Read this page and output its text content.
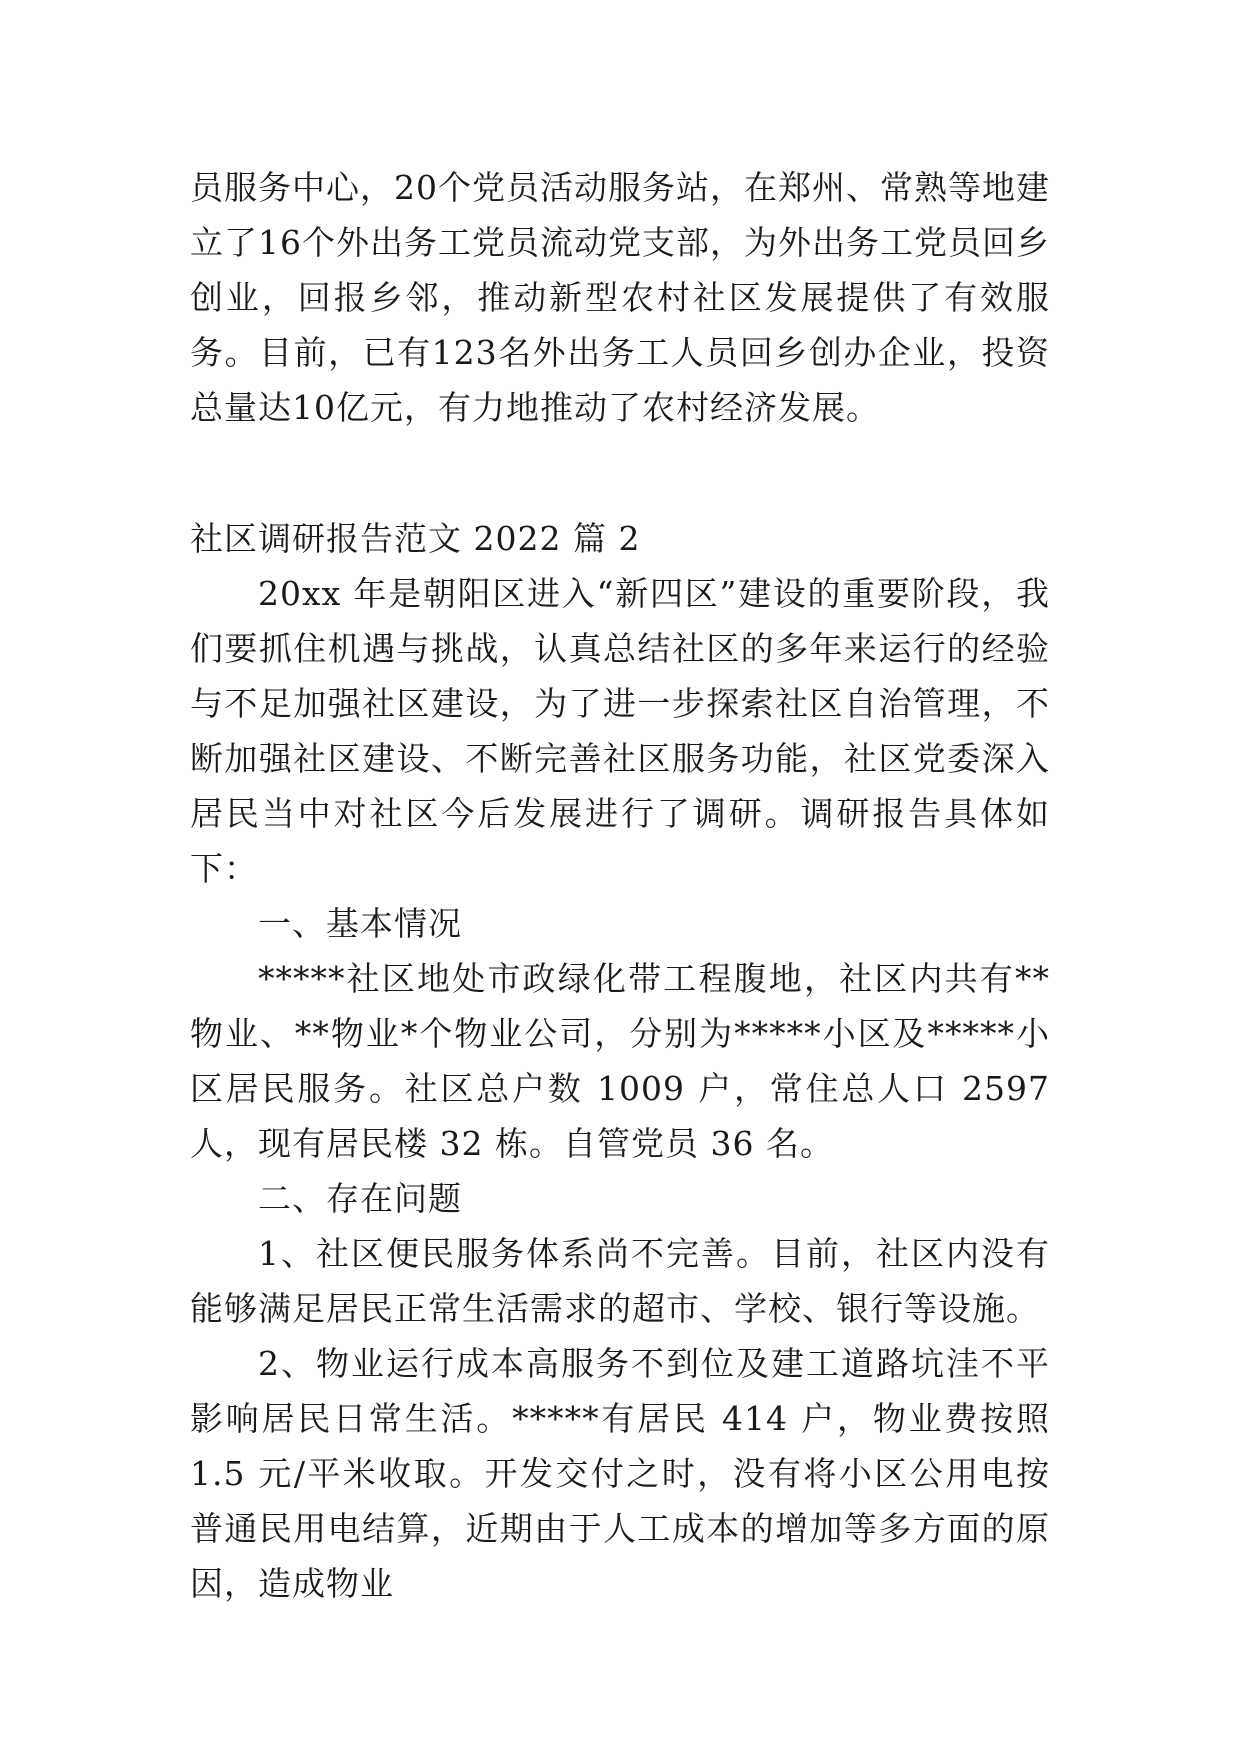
员服务中心，20个党员活动服务站，在郑州、常熟等地建立了16个外出务工党员流动党支部，为外出务工党员回乡创业，回报乡邻，推动新型农村社区发展提供了有效服务。目前，已有123名外出务工人员回乡创办企业，投资总量达10亿元，有力地推动了农村经济发展。

社区调研报告范文 2022 篇 2

20xx 年是朝阳区进入“新四区”建设的重要阶段，我们要抓住机遇与挑战，认真总结社区的多年来运行的经验与不足加强社区建设，为了进一步探索社区自治管理，不断加强社区建设、不断完善社区服务功能，社区党委深入居民当中对社区今后发展进行了调研。调研报告具体如下：

一、基本情况

*****社区地处市政绿化带工程腹地，社区内共有**物业、**物业*个物业公司，分别为*****小区及*****小区居民服务。社区总户数 1009 户，常住总人口 2597 人，现有居民楼 32 栋。自管党员 36 名。

二、存在问题

1、社区便民服务体系尚不完善。目前，社区内没有能够满足居民正常生活需求的超市、学校、银行等设施。

2、物业运行成本高服务不到位及建工道路坑洼不平影响居民日常生活。*****有居民 414 户，物业费按照 1.5 元/平米收取。开发交付之时，没有将小区公用电按普通民用电结算，近期由于人工成本的增加等多方面的原因，造成物业
